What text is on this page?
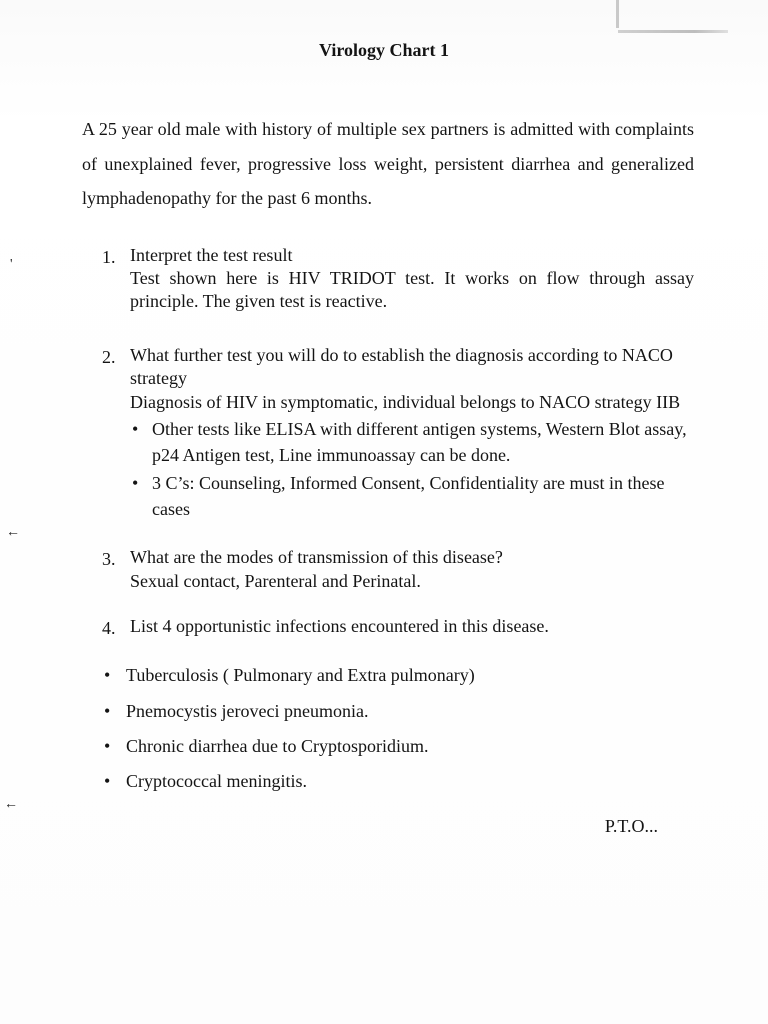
'
←
←
Virology Chart 1

A 25 year old male with history of multiple sex partners is admitted with complaints of unexplained fever, progressive loss weight, persistent diarrhea and generalized lymphadenopathy for the past 6 months.

1. Interpret the test result
Test shown here is HIV TRIDOT test. It works on flow through assay principle. The given test is reactive.
2. What further test you will do to establish the diagnosis according to NACO strategy
Diagnosis of HIV in symptomatic, individual belongs to NACO strategy IIB
• Other tests like ELISA with different antigen systems, Western Blot assay, p24 Antigen test, Line immunoassay can be done.
• 3 C’s: Counseling, Informed Consent, Confidentiality are must in these cases
3. What are the modes of transmission of this disease?
Sexual contact, Parenteral and Perinatal.
4. List 4 opportunistic infections encountered in this disease.
• Tuberculosis ( Pulmonary and Extra pulmonary)
• Pnemocystis jeroveci pneumonia.
• Chronic diarrhea due to Cryptosporidium.
• Cryptococcal meningitis.
P.T.O...
